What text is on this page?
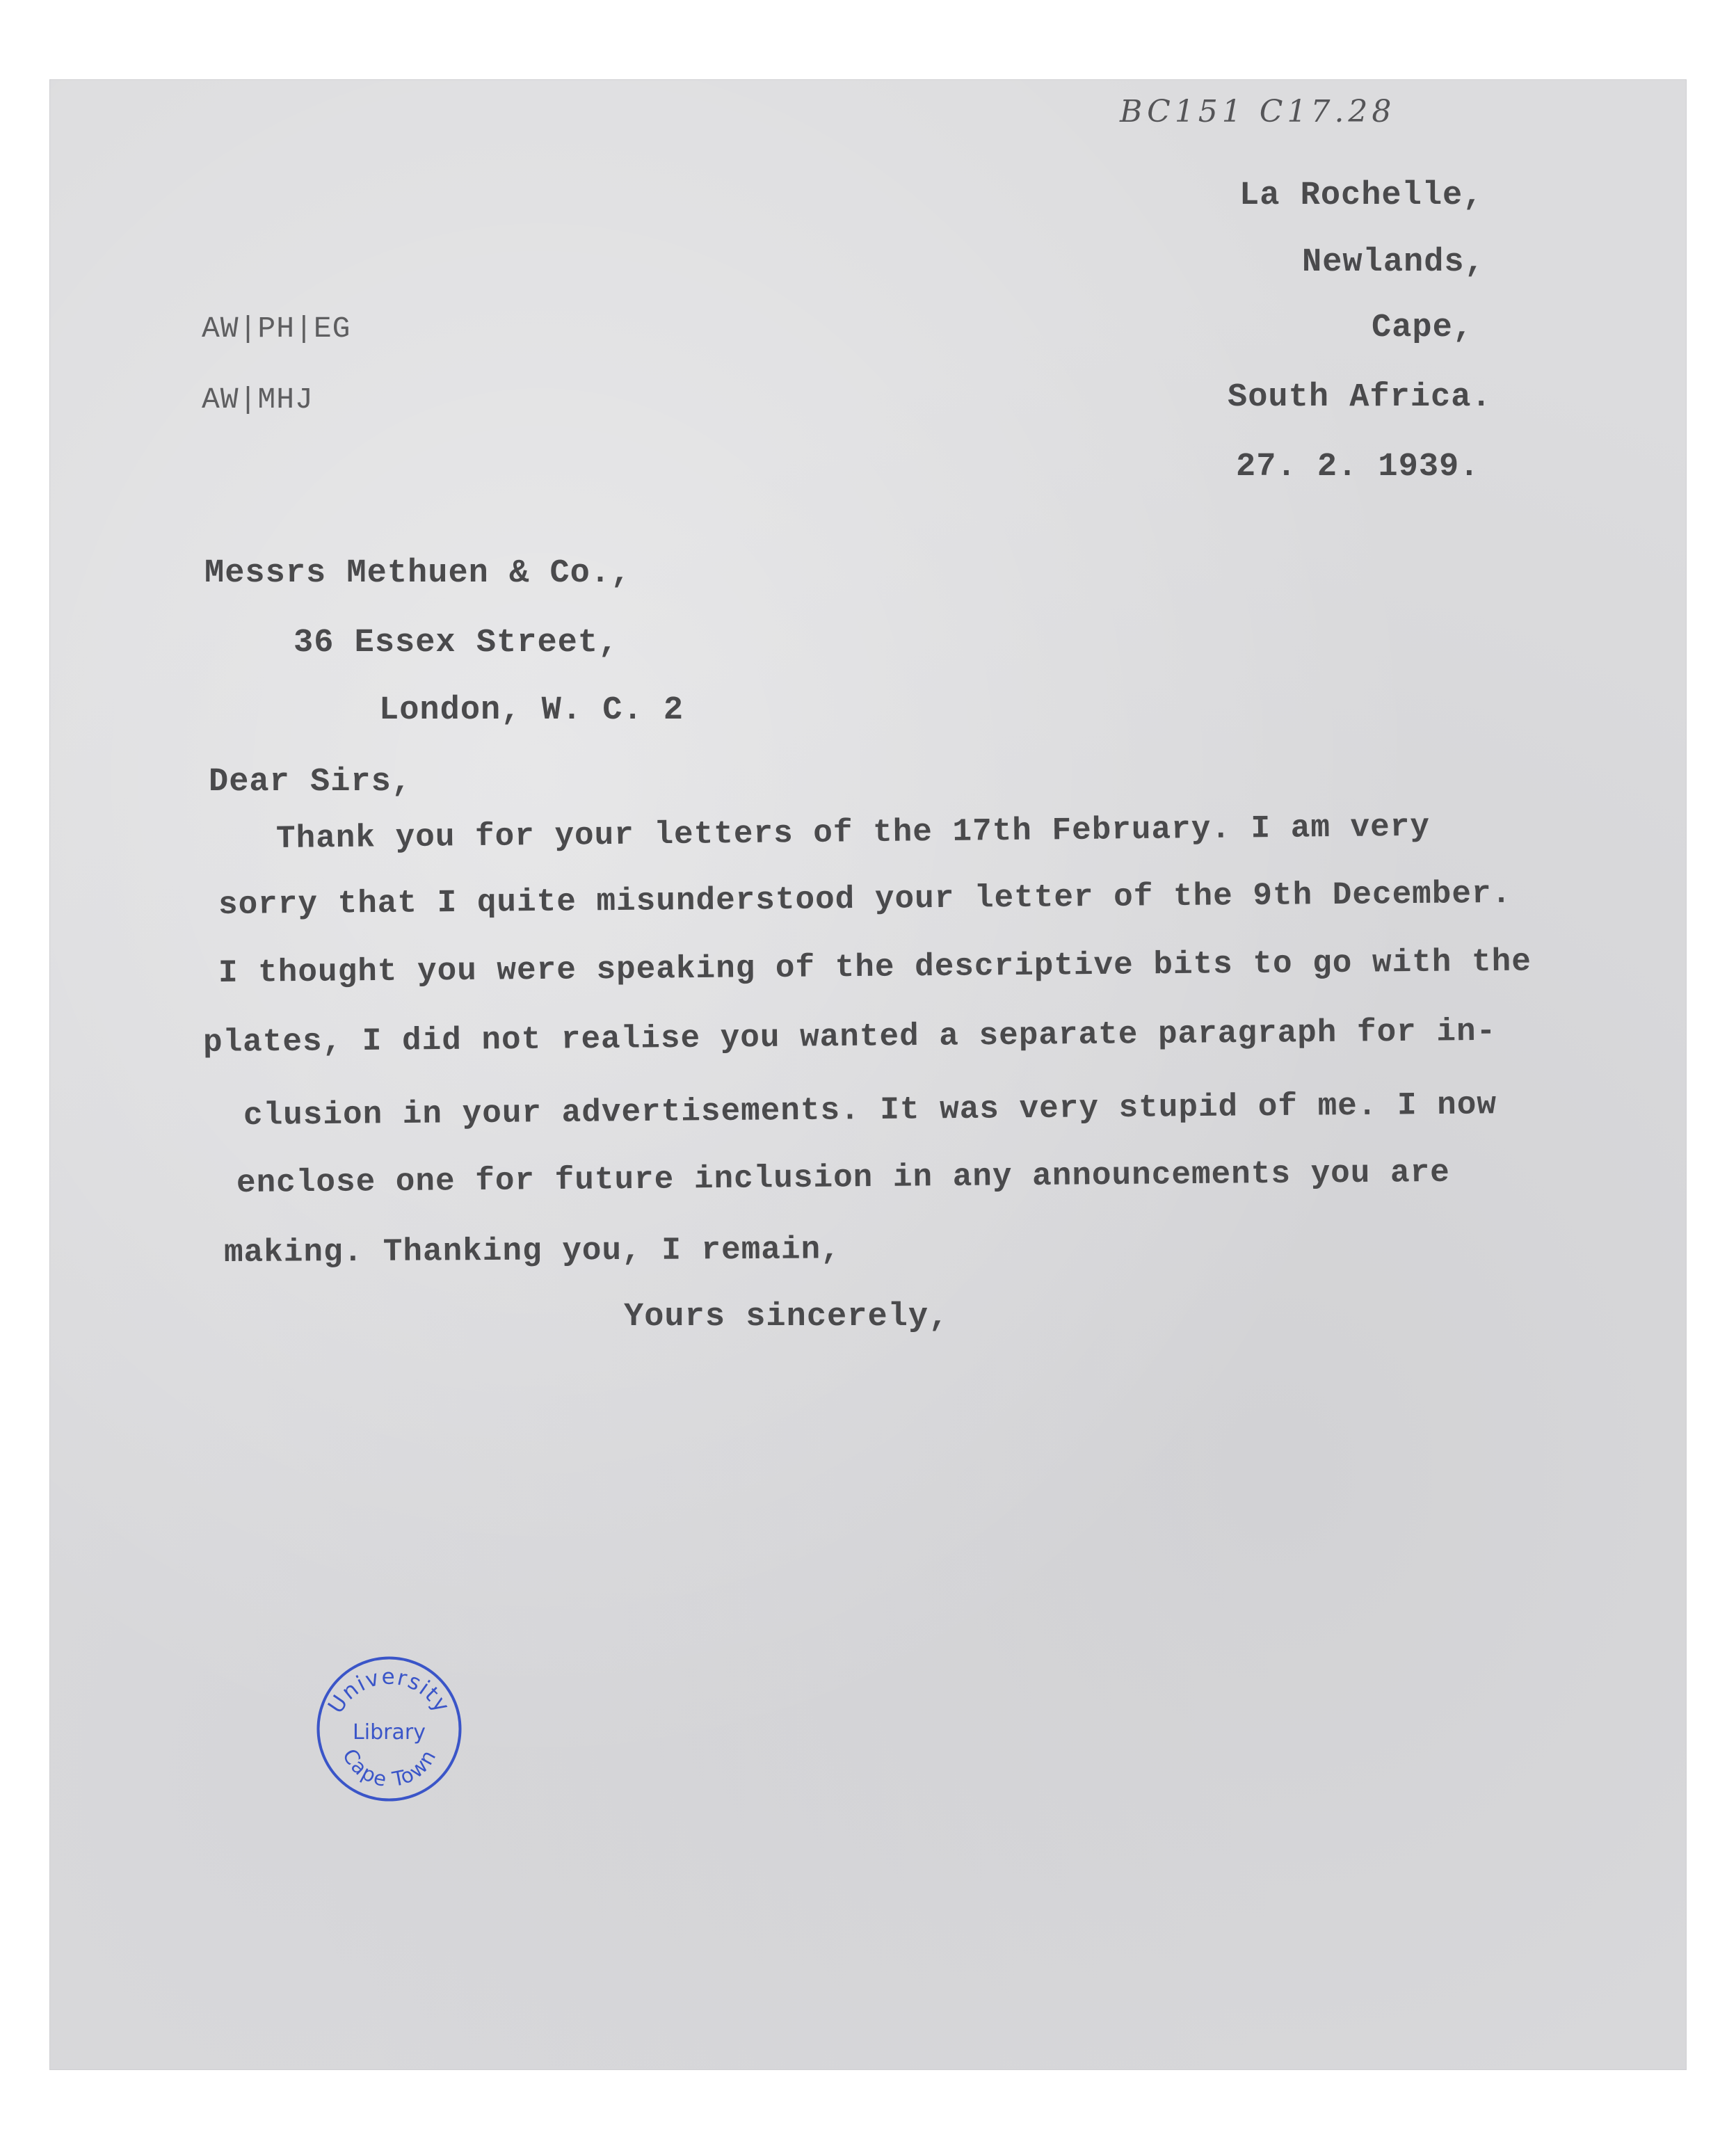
BC151 C17.28
La Rochelle,
Newlands,
Cape,
South Africa.
27. 2. 1939.
AW|PH|EG
AW|MHJ
Messrs Methuen & Co.,
36 Essex Street,
London, W. C. 2
Dear Sirs,
Thank you for your letters of the 17th February. I am very
sorry that I quite misunderstood your letter of the 9th December.
I thought you were speaking of the descriptive bits to go with the
plates, I did not realise you wanted a separate paragraph for in-
clusion in your advertisements. It was very stupid of me. I now
enclose one for future inclusion in any announcements you are
making. Thanking you, I remain,
Yours sincerely,
University
Library
Cape Town
